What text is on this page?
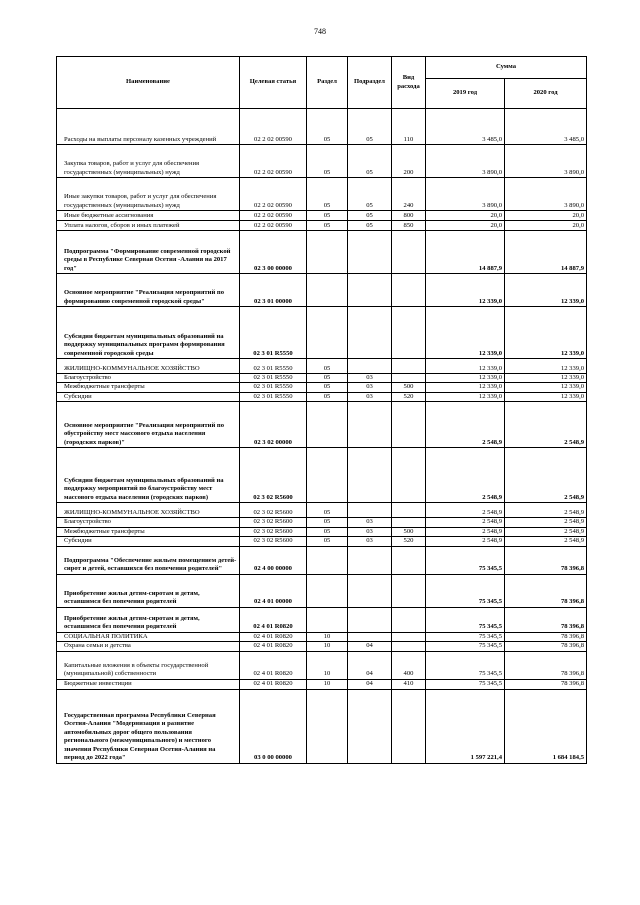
748
Наименование	Целевая статья	Раздел	Подраздел	Вид расхода	Сумма	
					2019 год	2020 год

Расходы на выплаты персоналу казенных учреждений	02 2 02 00590	05	05	110	3 485,0	3 485,0

Закупка товаров, работ и услуг для обеспечения государственных (муниципальных) нужд	02 2 02 00590	05	05	200	3 890,0	3 890,0

Иные закупки товаров, работ и услуг для обеспечения государственных (муниципальных) нужд	02 2 02 00590	05	05	240	3 890,0	3 890,0

Иные бюджетные ассигнования	02 2 02 00590	05	05	800	20,0	20,0

Уплата налогов, сборов и иных платежей	02 2 02 00590	05	05	850	20,0	20,0

Подпрограмма "Формирование современной городской среды в Республике Северная Осетия -Алания на 2017 год"	02 3 00 00000				14 887,9	14 887,9

Основное мероприятие "Реализация мероприятий по формированию современной городской среды"	02 3 01 00000				12 339,0	12 339,0

Субсидии бюджетам муниципальных образований на поддержку муниципальных программ формирования современной городской среды	02 3 01 R5550				12 339,0	12 339,0

ЖИЛИЩНО-КОММУНАЛЬНОЕ ХОЗЯЙСТВО	02 3 01 R5550	05			12 339,0	12 339,0

Благоустройство	02 3 01 R5550	05	03		12 339,0	12 339,0

Межбюджетные трансферты	02 3 01 R5550	05	03	500	12 339,0	12 339,0

Субсидии	02 3 01 R5550	05	03	520	12 339,0	12 339,0

Основное мероприятие "Реализация мероприятий по обустройству мест массового отдыха населения (городских парков)"	02 3 02 00000				2 548,9	2 548,9

Субсидии бюджетам муниципальных образований на поддержку мероприятий по благоустройству мест массового отдыха населения (городских парков)	02 3 02 R5600				2 548,9	2 548,9

ЖИЛИЩНО-КОММУНАЛЬНОЕ ХОЗЯЙСТВО	02 3 02 R5600	05			2 548,9	2 548,9

Благоустройство	02 3 02 R5600	05	03		2 548,9	2 548,9

Межбюджетные трансферты	02 3 02 R5600	05	03	500	2 548,9	2 548,9

Субсидии	02 3 02 R5600	05	03	520	2 548,9	2 548,9

Подпрограмма "Обеспечение жильем помещением детей-сирот и детей, оставшихся без попечения родителей"	02 4 00 00000				75 345,5	78 396,8

Приобретение жилья детям-сиротам и детям, оставшимся без попечения родителей	02 4 01 00000				75 345,5	78 396,8

Приобретение жилья детям-сиротам и детям, оставшимся без попечения родителей	02 4 01 R0820				75 345,5	78 396,8

СОЦИАЛЬНАЯ ПОЛИТИКА	02 4 01 R0820	10			75 345,5	78 396,8

Охрана семьи и детства	02 4 01 R0820	10	04		75 345,5	78 396,8

Капитальные вложения в объекты государственной (муниципальной) собственности	02 4 01 R0820	10	04	400	75 345,5	78 396,8

Бюджетные инвестиции	02 4 01 R0820	10	04	410	75 345,5	78 396,8

Государственная программа Республики Северная Осетия-Алания "Модернизация и развитие автомобильных дорог общего пользования регионального (межмуниципального) и местного значения Республики Северная Осетия-Алания на период до 2022 года"	03 0 00 00000				1 597 221,4	1 684 184,5
